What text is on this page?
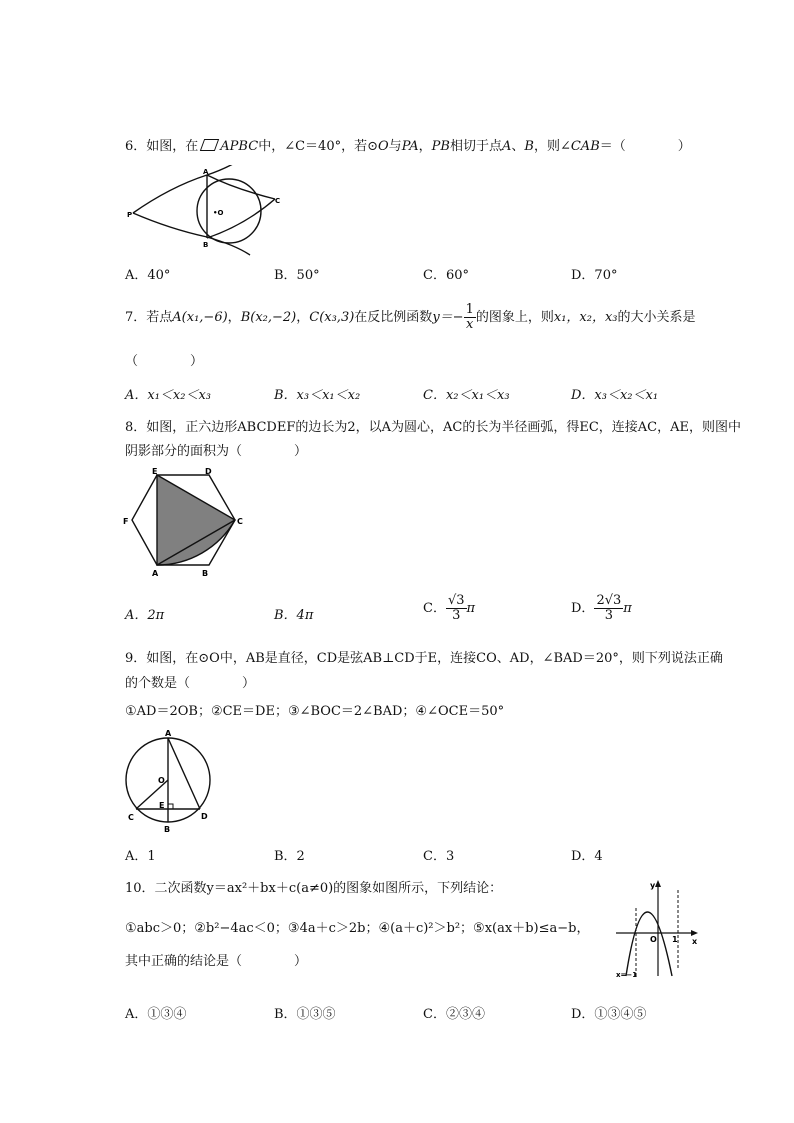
6．如图，在 APBC中，∠C＝40°，若⊙O与PA，PB相切于点A、B，则∠CAB＝（　　　　）
A
B
C
P	•O
A．40°	B．50°	C．60°	D．70°
7．若点A(x₁,−6)，B(x₂,−2)，C(x₃,3)在反比例函数$y=- \frac{1}{x}$ 的图象上，则x₁，x₂，x₃的大小关系是
（　　　　）
A．x₁＜x₂＜x₃	B．x₃＜x₁＜x₂	C．x₂＜x₁＜x₃	D．x₃＜x₂＜x₁
8．如图，正六边形ABCDEF的边长为2，以A为圆心，AC的长为半径画弧，得EC，连接AC，AE，则图中
阴影部分的面积为（　　　　）
E	D
C
F
A	B
A．2π	B．4π	C． $\frac{√3}{3}$ π	D． $\frac{2√3}{3}$ π
9．如图，在⊙O中，AB是直径，CD是弦AB⊥CD于E，连接CO、AD，∠BAD＝20°，则下列说法正确
的个数是（　　　　）
①AD＝2OB；②CE＝DE；③∠BOC＝2∠BAD；④∠OCE＝50°
A
O
E
C	D
B
A．1	B．2	C．3	D．4
10．二次函数y＝ax²＋bx＋c(a≠0)的图象如图所示，下列结论：
①abc＞0；②b²−4ac＜0；③4a＋c＞2b；④(a＋c)²＞b²；⑤x(ax＋b)≤a−b，
其中正确的结论是（　　　　）
y
x
O 1
x=−1
A．①③④	B．①③⑤	C．②③④	D．①③④⑤
